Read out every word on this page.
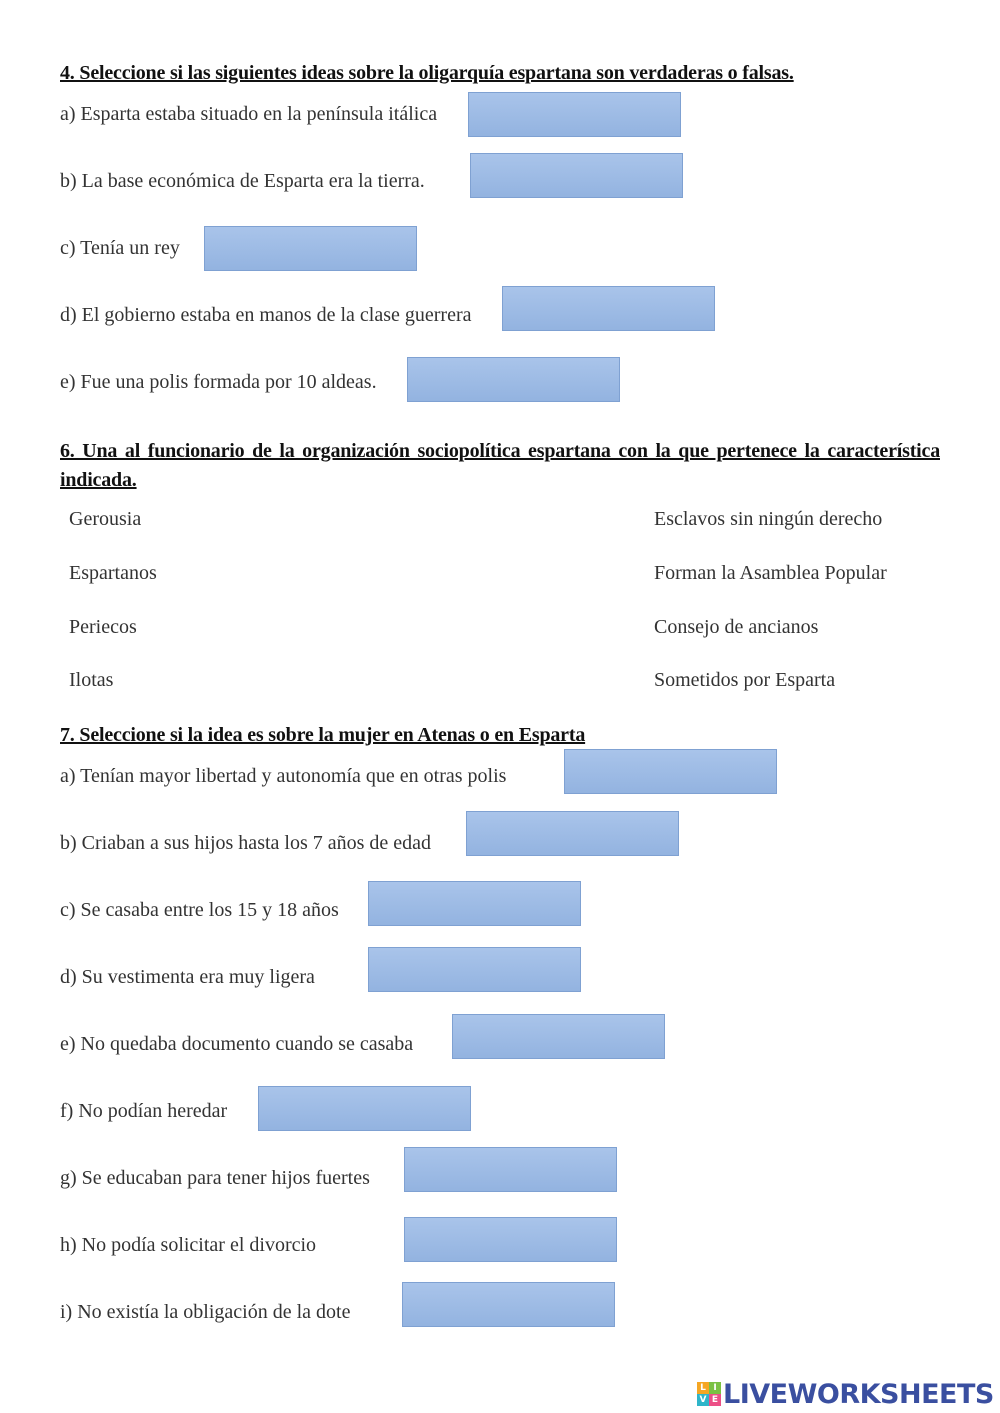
4. Seleccione si las siguientes ideas sobre la oligarquía espartana son verdaderas o falsas.
a) Esparta estaba situado en la península itálica
b) La base económica de Esparta era la tierra.
c) Tenía un rey
d) El gobierno estaba en manos de la clase guerrera
e) Fue una polis formada por 10 aldeas.
6. Una al funcionario de la organización sociopolítica espartana con la que pertenece la característica indicada.
Gerousia
Espartanos
Periecos
Ilotas
Esclavos sin ningún derecho
Forman la Asamblea Popular
Consejo de ancianos
Sometidos por Esparta
7. Seleccione si la idea es sobre la mujer en Atenas o en Esparta
a) Tenían mayor libertad y autonomía que en otras polis
b) Criaban a sus hijos hasta los 7 años de edad
c) Se casaba entre los 15 y 18 años
d) Su vestimenta era muy ligera
e) No quedaba documento cuando se casaba
f) No podían heredar
g) Se educaban para tener hijos fuertes
h) No podía solicitar el divorcio
i) No existía la obligación de la dote
L I
V E LIVEWORKSHEETS
